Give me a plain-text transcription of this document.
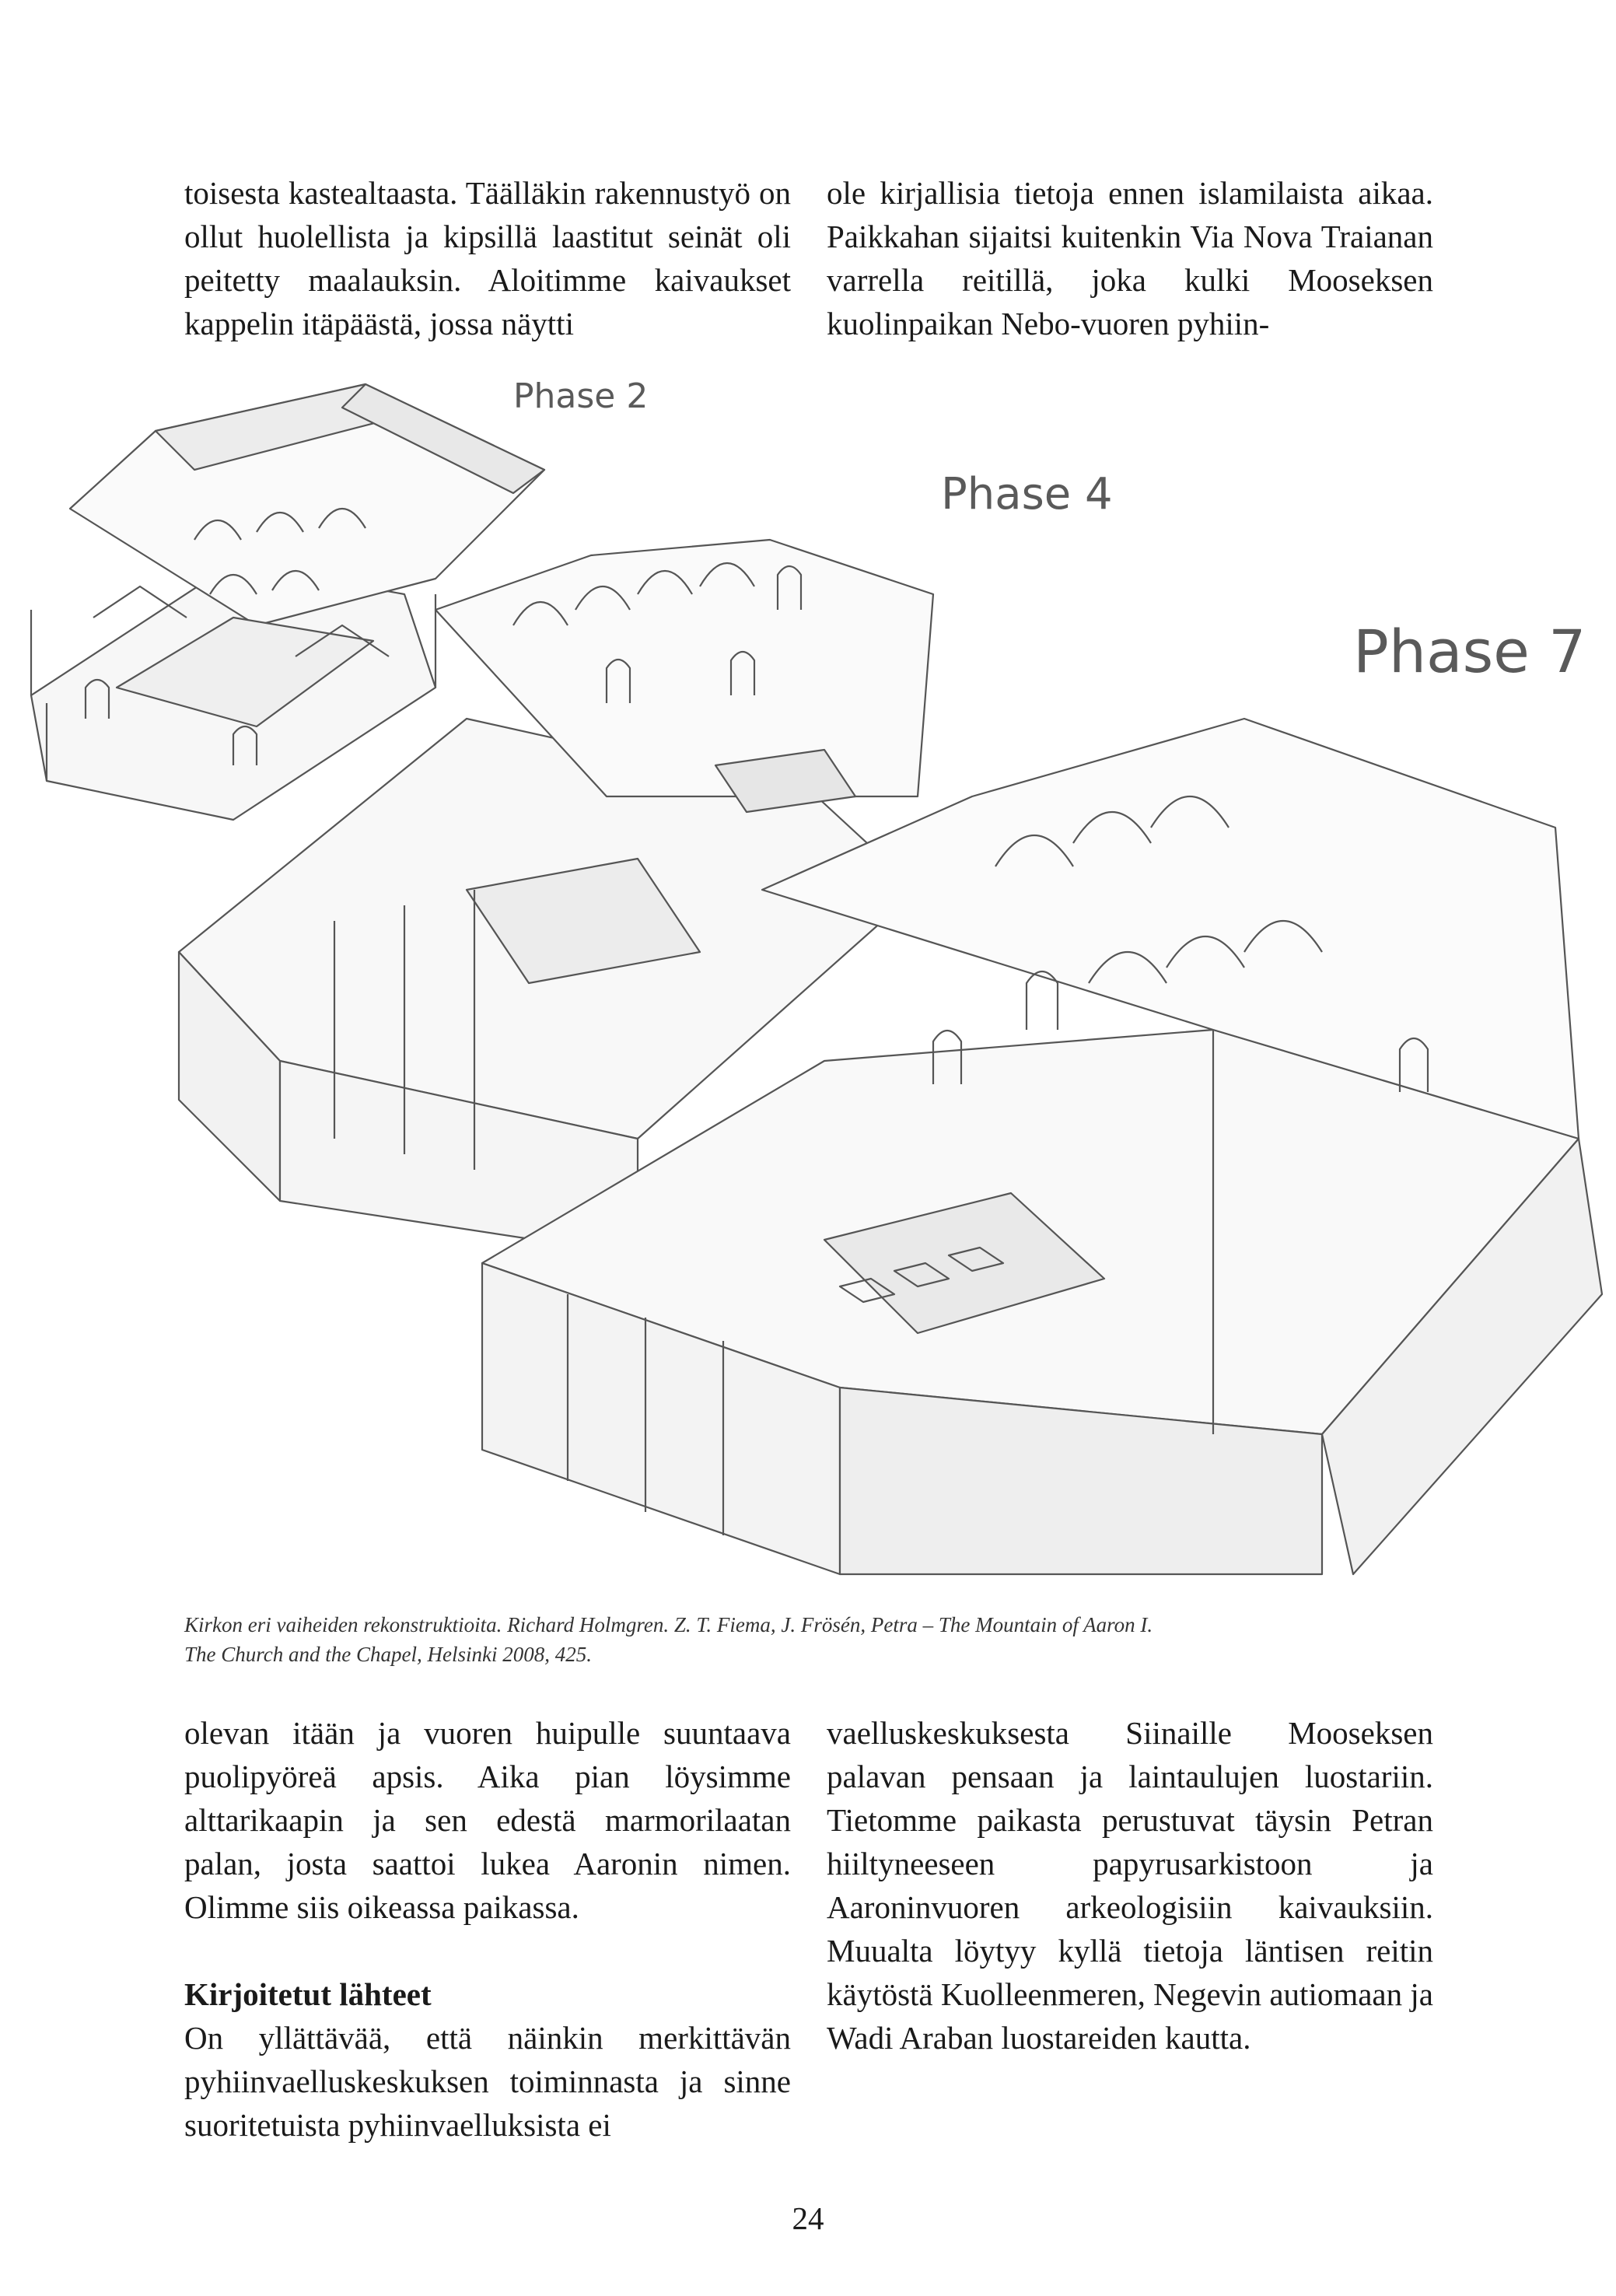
toisesta kastealtaasta. Täälläkin rakennustyö on ollut huolellista ja kipsillä laastitut seinät oli peitetty maalauksin. Aloitimme kaivaukset kappelin itäpäästä, jossa näytti

ole kirjallisia tietoja ennen islamilaista aikaa. Paikkahan sijaitsi kuitenkin Via Nova Traianan varrella reitillä, joka kulki Mooseksen kuolinpaikan Nebo-vuoren pyhiin-

Phase 2
Phase 4
Phase 7
Kirkon eri vaiheiden rekonstruktioita. Richard Holmgren. Z. T. Fiema, J. Frösén, Petra – The Mountain of Aaron I.
The Church and the Chapel, Helsinki 2008, 425.

olevan itään ja vuoren huipulle suuntaava puolipyöreä apsis. Aika pian löysimme alttarikaapin ja sen edestä marmorilaatan palan, josta saattoi lukea Aaronin nimen. Olimme siis oikeassa paikassa.

Kirjoitetut lähteet

On yllättävää, että näinkin merkittävän pyhiinvaelluskeskuksen toiminnasta ja sinne suoritetuista pyhiinvaelluksista ei

vaelluskeskuksesta Siinaille Mooseksen palavan pensaan ja laintaulujen luostariin. Tietomme paikasta perustuvat täysin Petran hiiltyneeseen papyrusarkistoon ja Aaroninvuoren arkeologisiin kaivauksiin. Muualta löytyy kyllä tietoja läntisen reitin käytöstä Kuolleenmeren, Negevin autiomaan ja Wadi Araban luostareiden kautta.

24
